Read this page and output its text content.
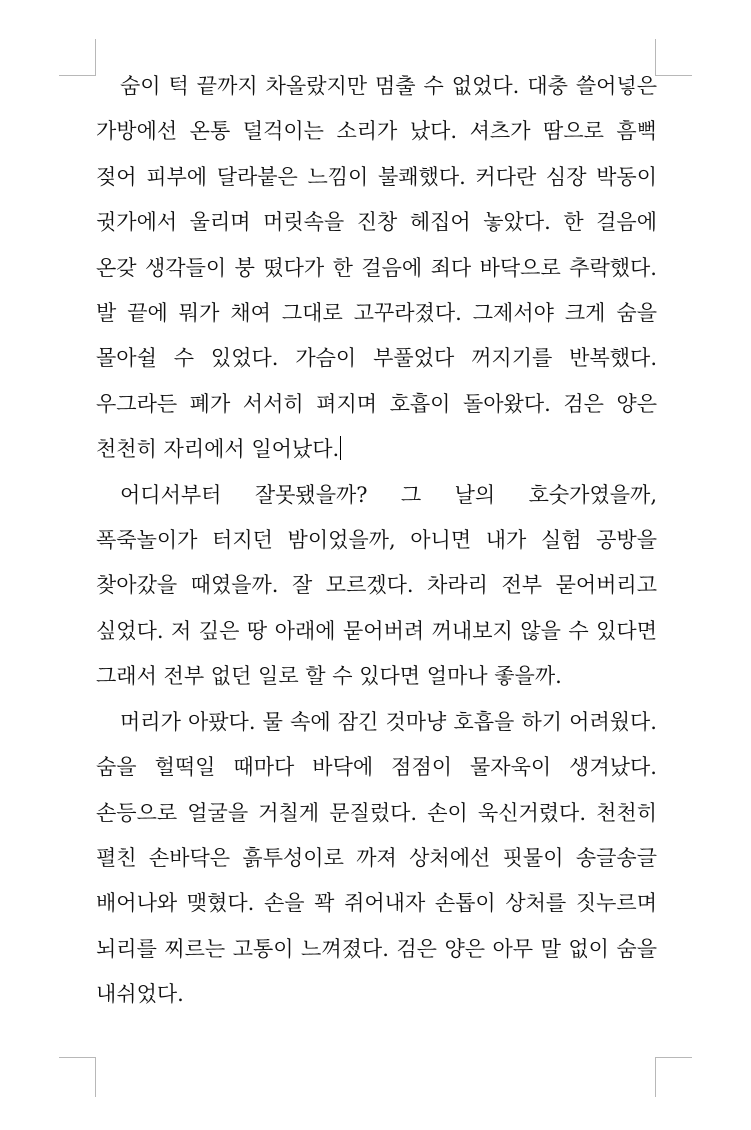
숨이 턱 끝까지 차올랐지만 멈출 수 없었다. 대충 쓸어넣은 가방에선 온통 덜걱이는 소리가 났다. 셔츠가 땀으로 흠뻑 젖어 피부에 달라붙은 느낌이 불쾌했다. 커다란 심장 박동이 귓가에서 울리며 머릿속을 진창 헤집어 놓았다. 한 걸음에 온갖 생각들이 붕 떴다가 한 걸음에 죄다 바닥으로 추락했다. 발 끝에 뭐가 채여 그대로 고꾸라졌다. 그제서야 크게 숨을 몰아쉴 수 있었다. 가슴이 부풀었다 꺼지기를 반복했다. 우그라든 폐가 서서히 펴지며 호흡이 돌아왔다. 검은 양은 천천히 자리에서 일어났다.

어디서부터 잘못됐을까? 그 날의 호숫가였을까, 폭죽놀이가 터지던 밤이었을까, 아니면 내가 실험 공방을 찾아갔을 때였을까. 잘 모르겠다. 차라리 전부 묻어버리고 싶었다. 저 깊은 땅 아래에 묻어버려 꺼내보지 않을 수 있다면 그래서 전부 없던 일로 할 수 있다면 얼마나 좋을까.

머리가 아팠다. 물 속에 잠긴 것마냥 호흡을 하기 어려웠다. 숨을 헐떡일 때마다 바닥에 점점이 물자욱이 생겨났다. 손등으로 얼굴을 거칠게 문질렀다. 손이 욱신거렸다. 천천히 펼친 손바닥은 흙투성이로 까져 상처에선 핏물이 송글송글 배어나와 맺혔다. 손을 꽉 쥐어내자 손톱이 상처를 짓누르며 뇌리를 찌르는 고통이 느껴졌다. 검은 양은 아무 말 없이 숨을 내쉬었다.
